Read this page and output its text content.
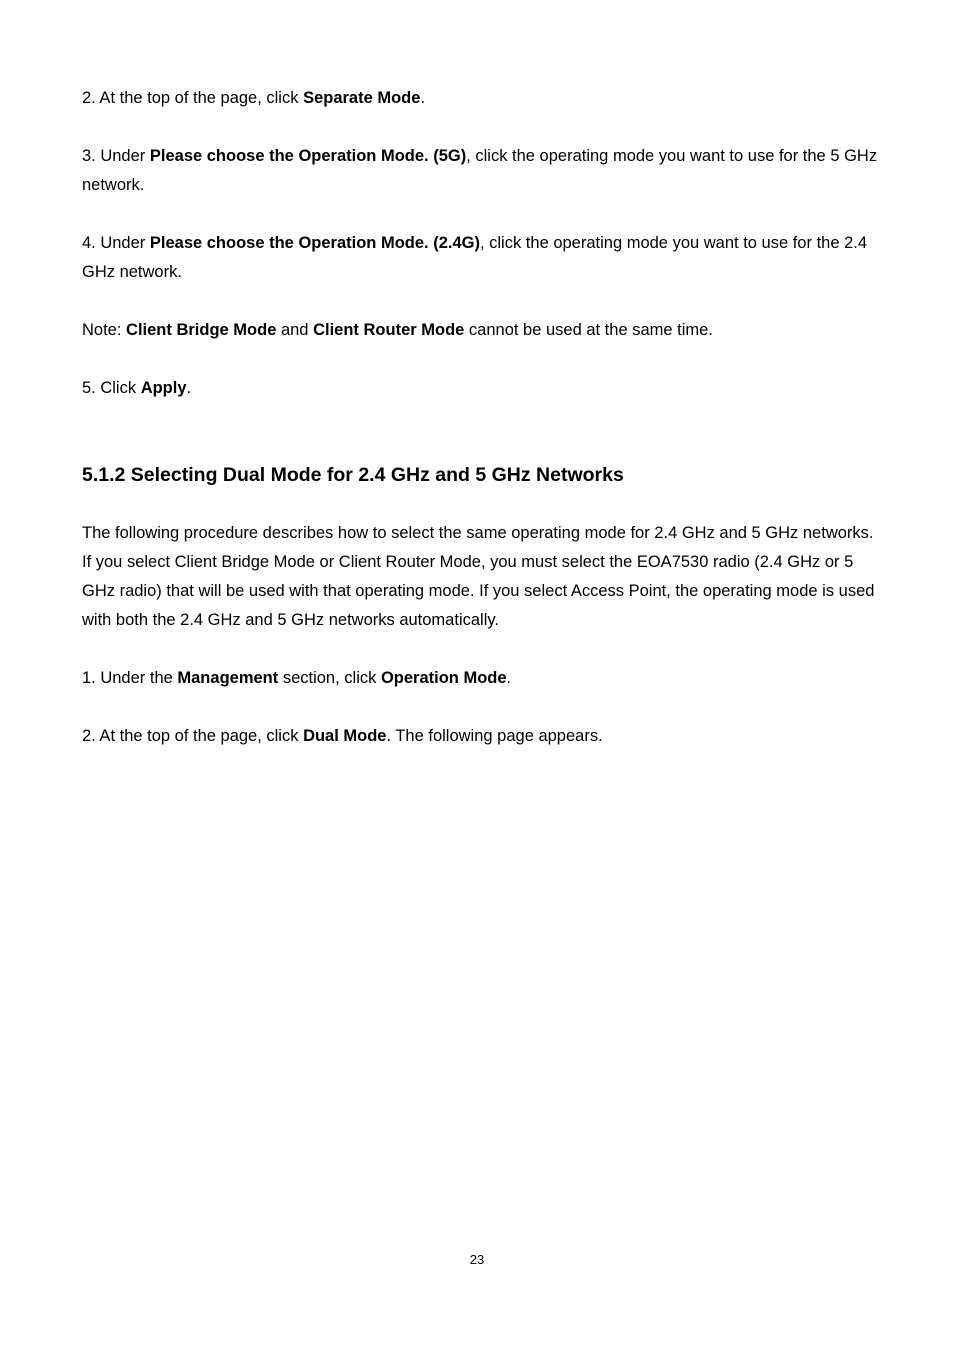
2. At the top of the page, click Separate Mode.

3. Under Please choose the Operation Mode. (5G), click the operating mode you want to use for the 5 GHz network.

4. Under Please choose the Operation Mode. (2.4G), click the operating mode you want to use for the 2.4 GHz network.

Note: Client Bridge Mode and Client Router Mode cannot be used at the same time.

5. Click Apply.

5.1.2 Selecting Dual Mode for 2.4 GHz and 5 GHz Networks

The following procedure describes how to select the same operating mode for 2.4 GHz and 5 GHz networks. If you select Client Bridge Mode or Client Router Mode, you must select the EOA7530 radio (2.4 GHz or 5 GHz radio) that will be used with that operating mode. If you select Access Point, the operating mode is used with both the 2.4 GHz and 5 GHz networks automatically.

1. Under the Management section, click Operation Mode.

2. At the top of the page, click Dual Mode. The following page appears.

23
